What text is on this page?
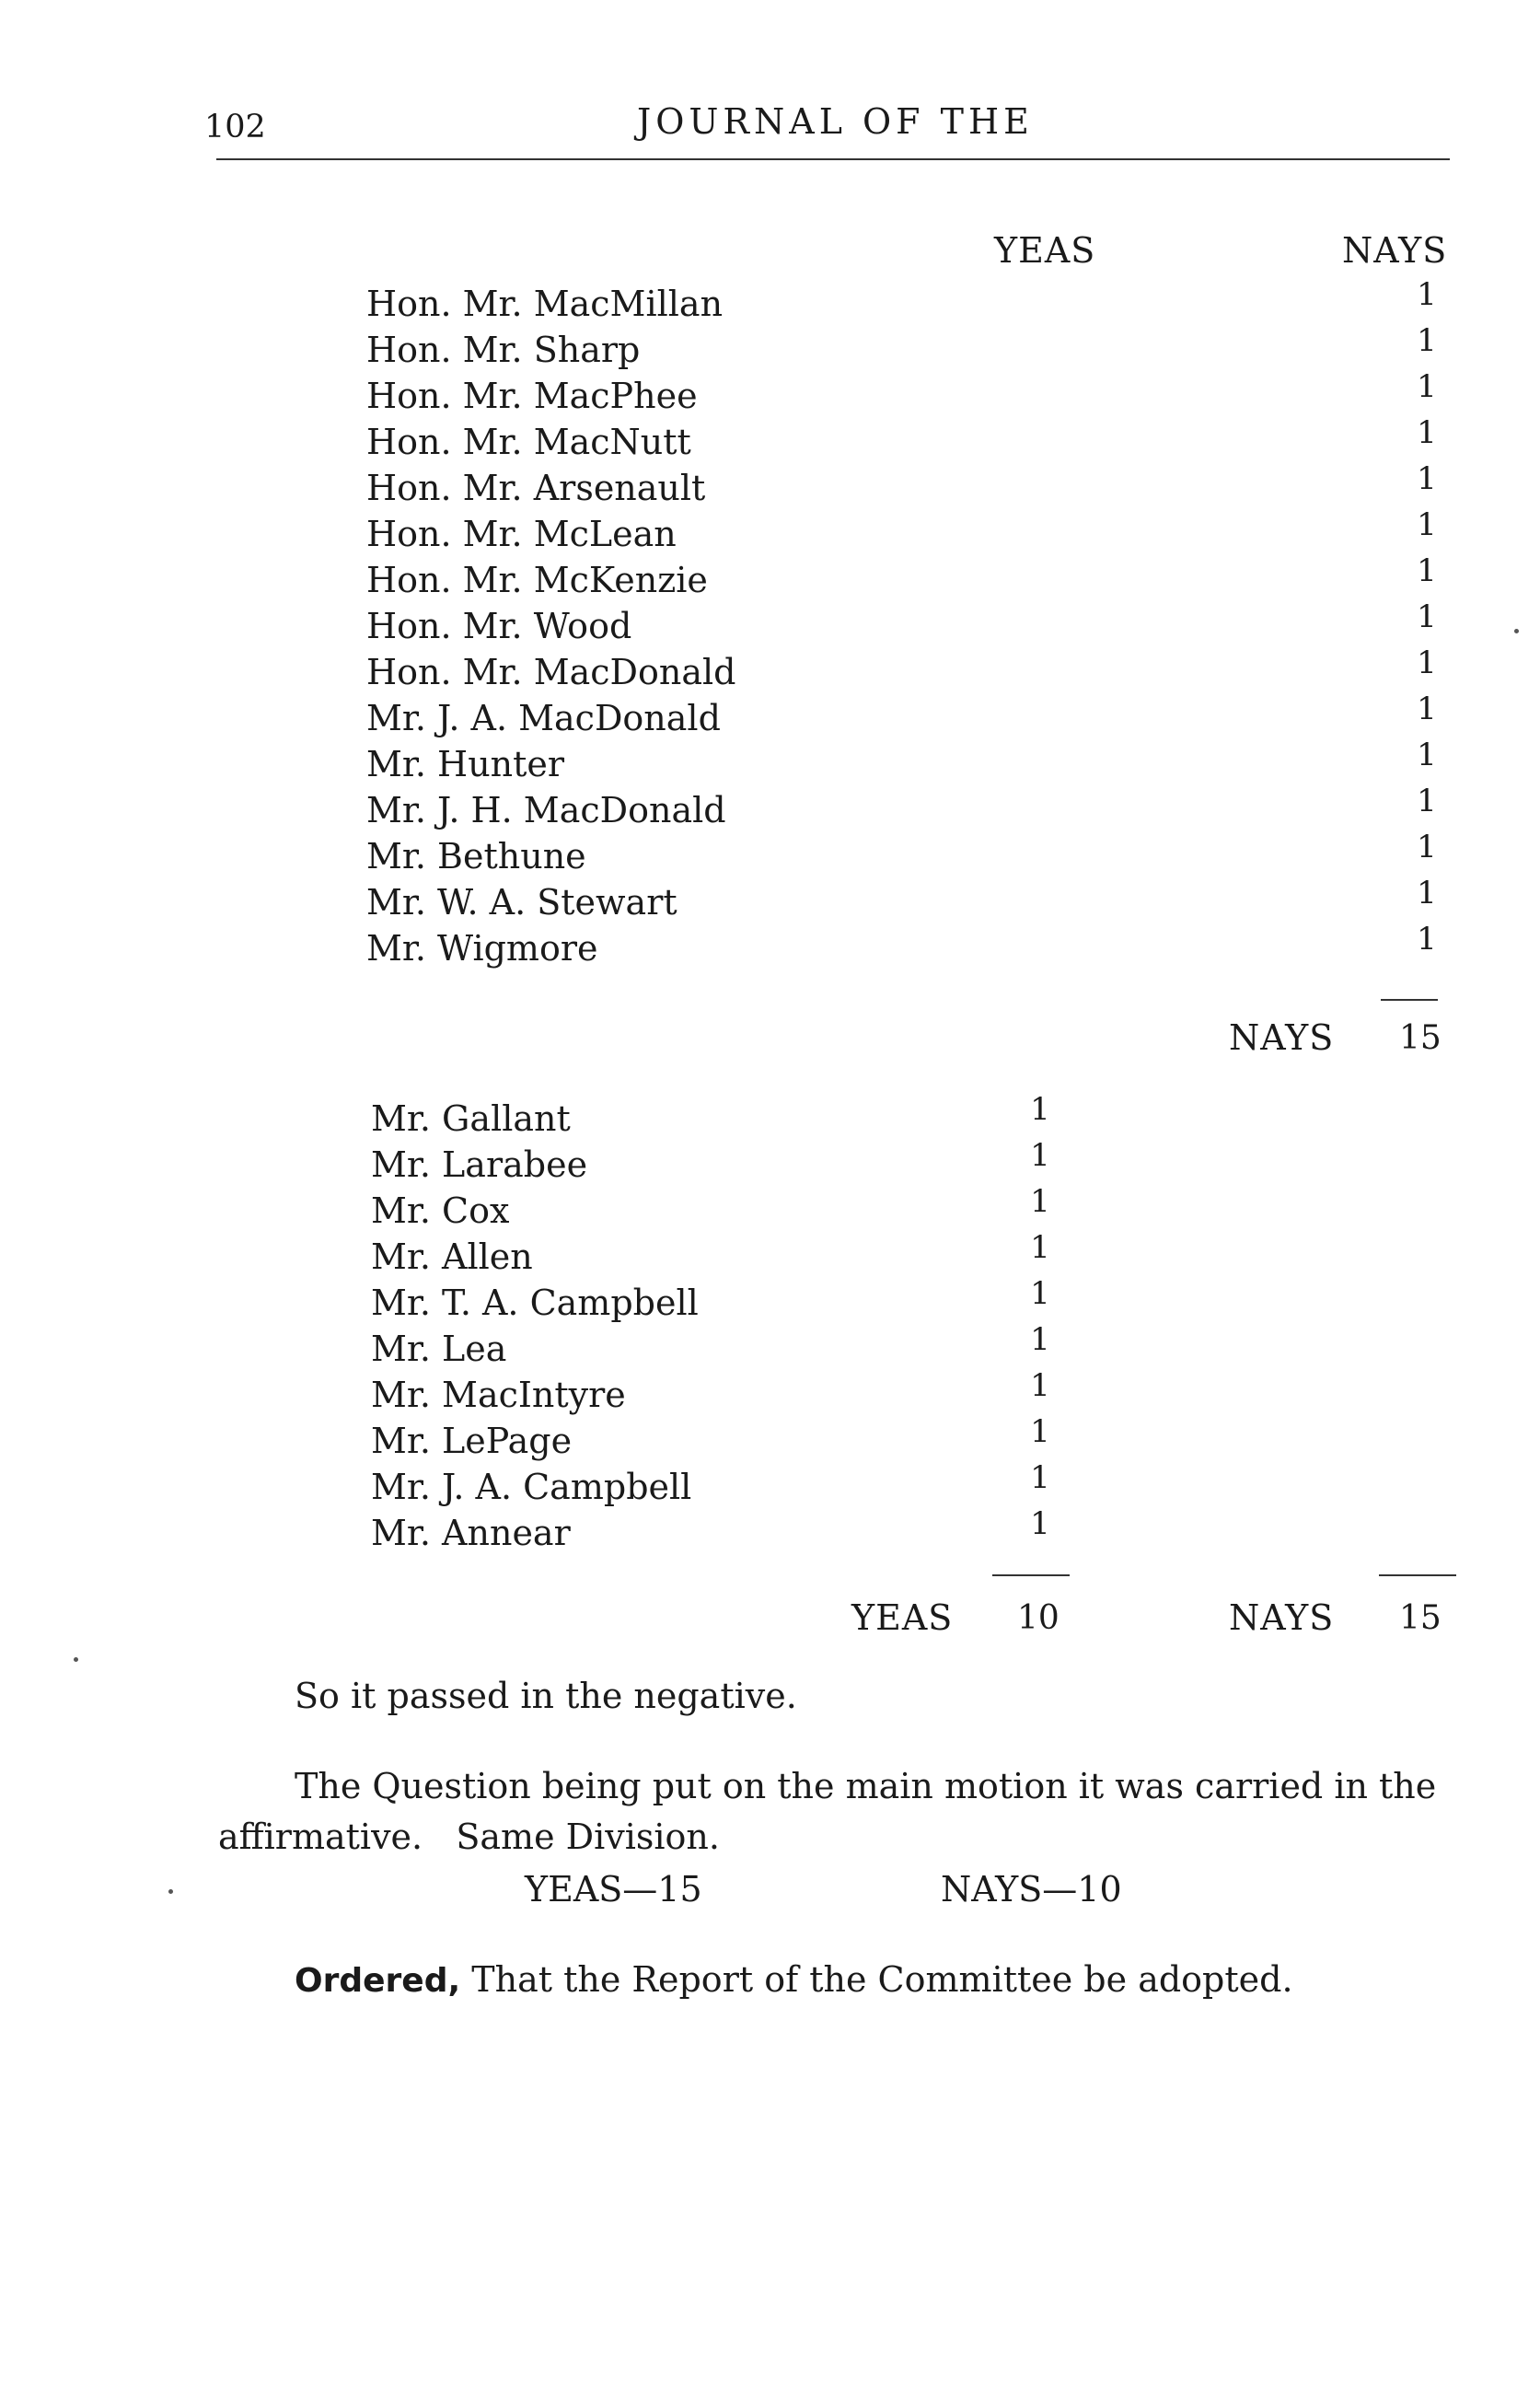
102	JOURNAL OF THE
YEAS	NAYS
Hon. Mr. MacMillan	1
Hon. Mr. Sharp	1
Hon. Mr. MacPhee	1
Hon. Mr. MacNutt	1
Hon. Mr. Arsenault	1
Hon. Mr. McLean	1
Hon. Mr. McKenzie	1
Hon. Mr. Wood	1
Hon. Mr. MacDonald	1
Mr. J. A. MacDonald	1
Mr. Hunter	1
Mr. J. H. MacDonald	1
Mr. Bethune	1
Mr. W. A. Stewart	1
Mr. Wigmore	1
NAYS 15
Mr. Gallant	1
Mr. Larabee	1
Mr. Cox	1
Mr. Allen	1
Mr. T. A. Campbell	1
Mr. Lea	1
Mr. MacIntyre	1
Mr. LePage	1
Mr. J. A. Campbell	1
Mr. Annear	1
YEAS 10	NAYS 15
So it passed in the negative.
The Question being put on the main motion it was carried in the
affirmative.   Same Division.
YEAS—15	NAYS—10
Ordered, That the Report of the Committee be adopted.
